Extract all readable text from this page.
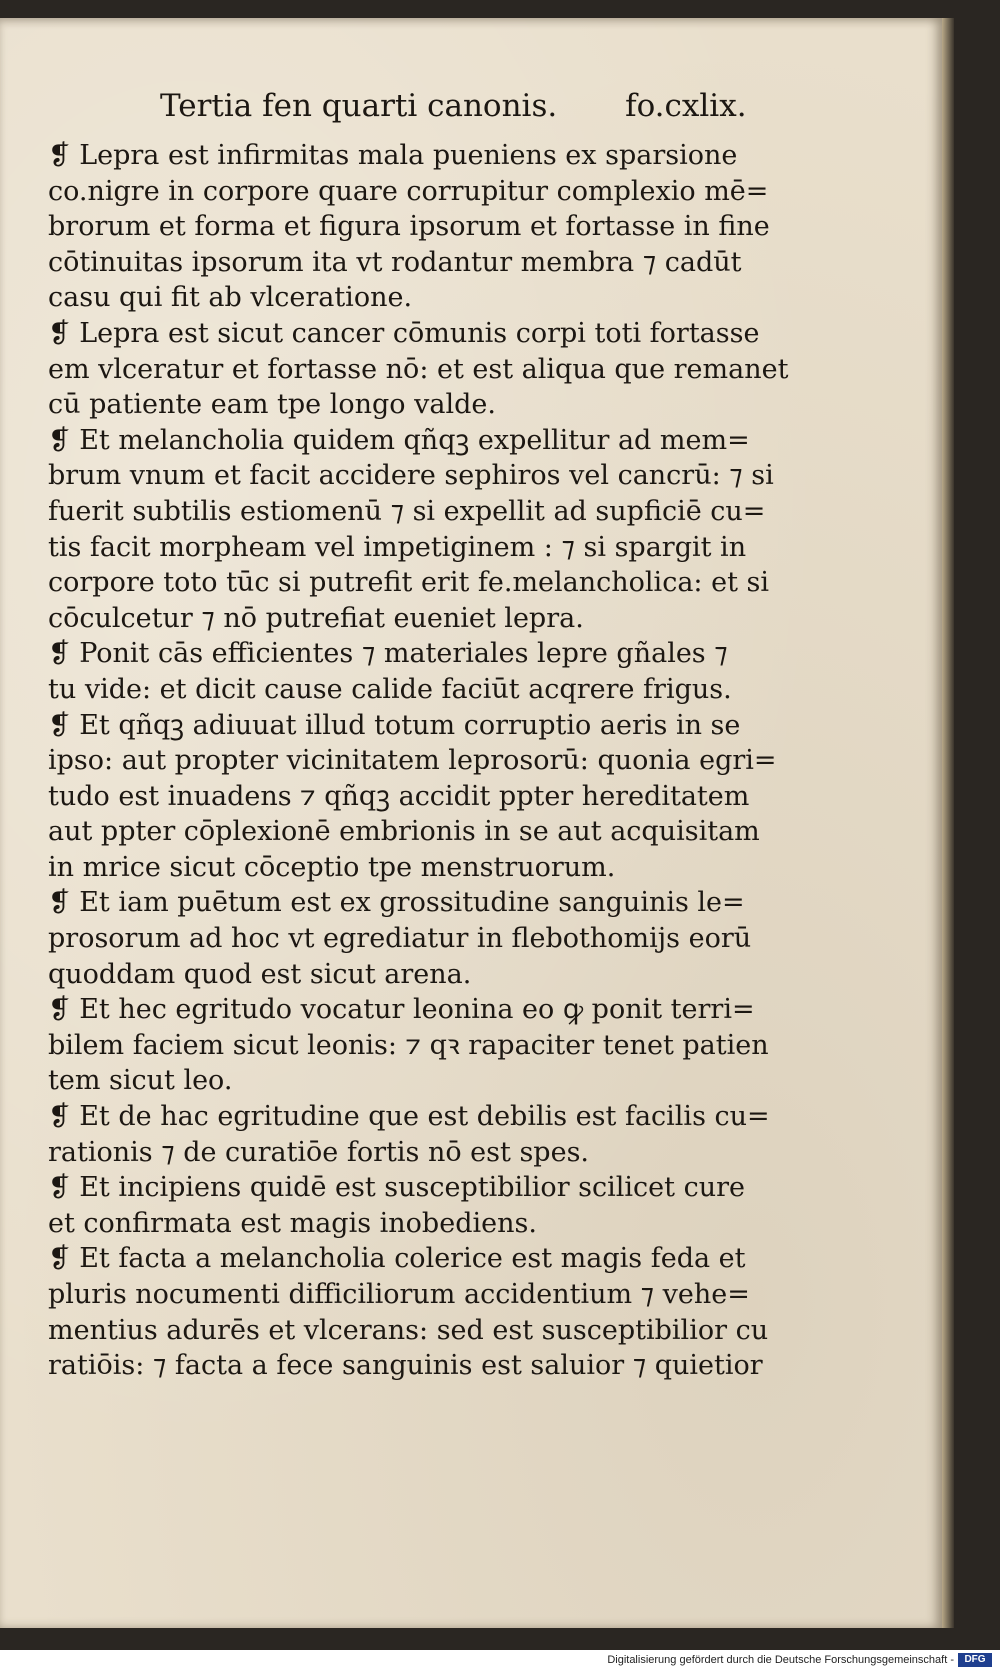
Tertia fen quarti canonis. fo.cxlix.
❡ Lepra est infirmitas mala pueniens ex sparsione
co.nigre in corpore quare corrupitur complexio mē=
brorum et forma et figura ipsorum et fortasse in fine
cōtinuitas ipsorum ita vt rodantur membra ⁊ cadūt
casu qui fit ab vlceratione.
❡ Lepra est sicut cancer cōmunis corpi toti fortasse
em vlceratur et fortasse nō: et est aliqua que remanet
cū patiente eam tpe longo valde.
❡ Et melancholia quidem qñqꝫ expellitur ad mem=
brum vnum et facit accidere sephiros vel cancrū: ⁊ si
fuerit subtilis estiomenū ⁊ si expellit ad supficiē cu=
tis facit morpheam vel impetiginem : ⁊ si spargit in
corpore toto tūc si putrefit erit fe.melancholica: et si
cōculcetur ⁊ nō putrefiat eueniet lepra.
❡ Ponit cās efficientes ⁊ materiales lepre gñales ⁊
tu vide: et dicit cause calide faciūt acqrere frigus.
❡ Et qñqꝫ adiuuat illud totum corruptio aeris in se
ipso: aut propter vicinitatem leprosorū: quonia egri=
tudo est inuadens ⁊ qñqꝫ accidit ppter hereditatem
aut ppter cōplexionē embrionis in se aut acquisitam
in mrice sicut cōceptio tpe menstruorum.
❡ Et iam puētum est ex grossitudine sanguinis le=
prosorum ad hoc vt egrediatur in flebothomijs eorū
quoddam quod est sicut arena.
❡ Et hec egritudo vocatur leonina eo ꝙ ponit terri=
bilem faciem sicut leonis: ⁊ qꝛ rapaciter tenet patien
tem sicut leo.
❡ Et de hac egritudine que est debilis est facilis cu=
rationis ⁊ de curatiōe fortis nō est spes.
❡ Et incipiens quidē est susceptibilior scilicet cure
et confirmata est magis inobediens.
❡ Et facta a melancholia colerice est magis feda et
pluris nocumenti difficiliorum accidentium ⁊ vehe=
mentius adurēs et vlcerans: sed est susceptibilior cu
ratiōis: ⁊ facta a fece sanguinis est saluior ⁊ quietior
Digitalisierung gefördert durch die Deutsche Forschungsgemeinschaft -	DFG
